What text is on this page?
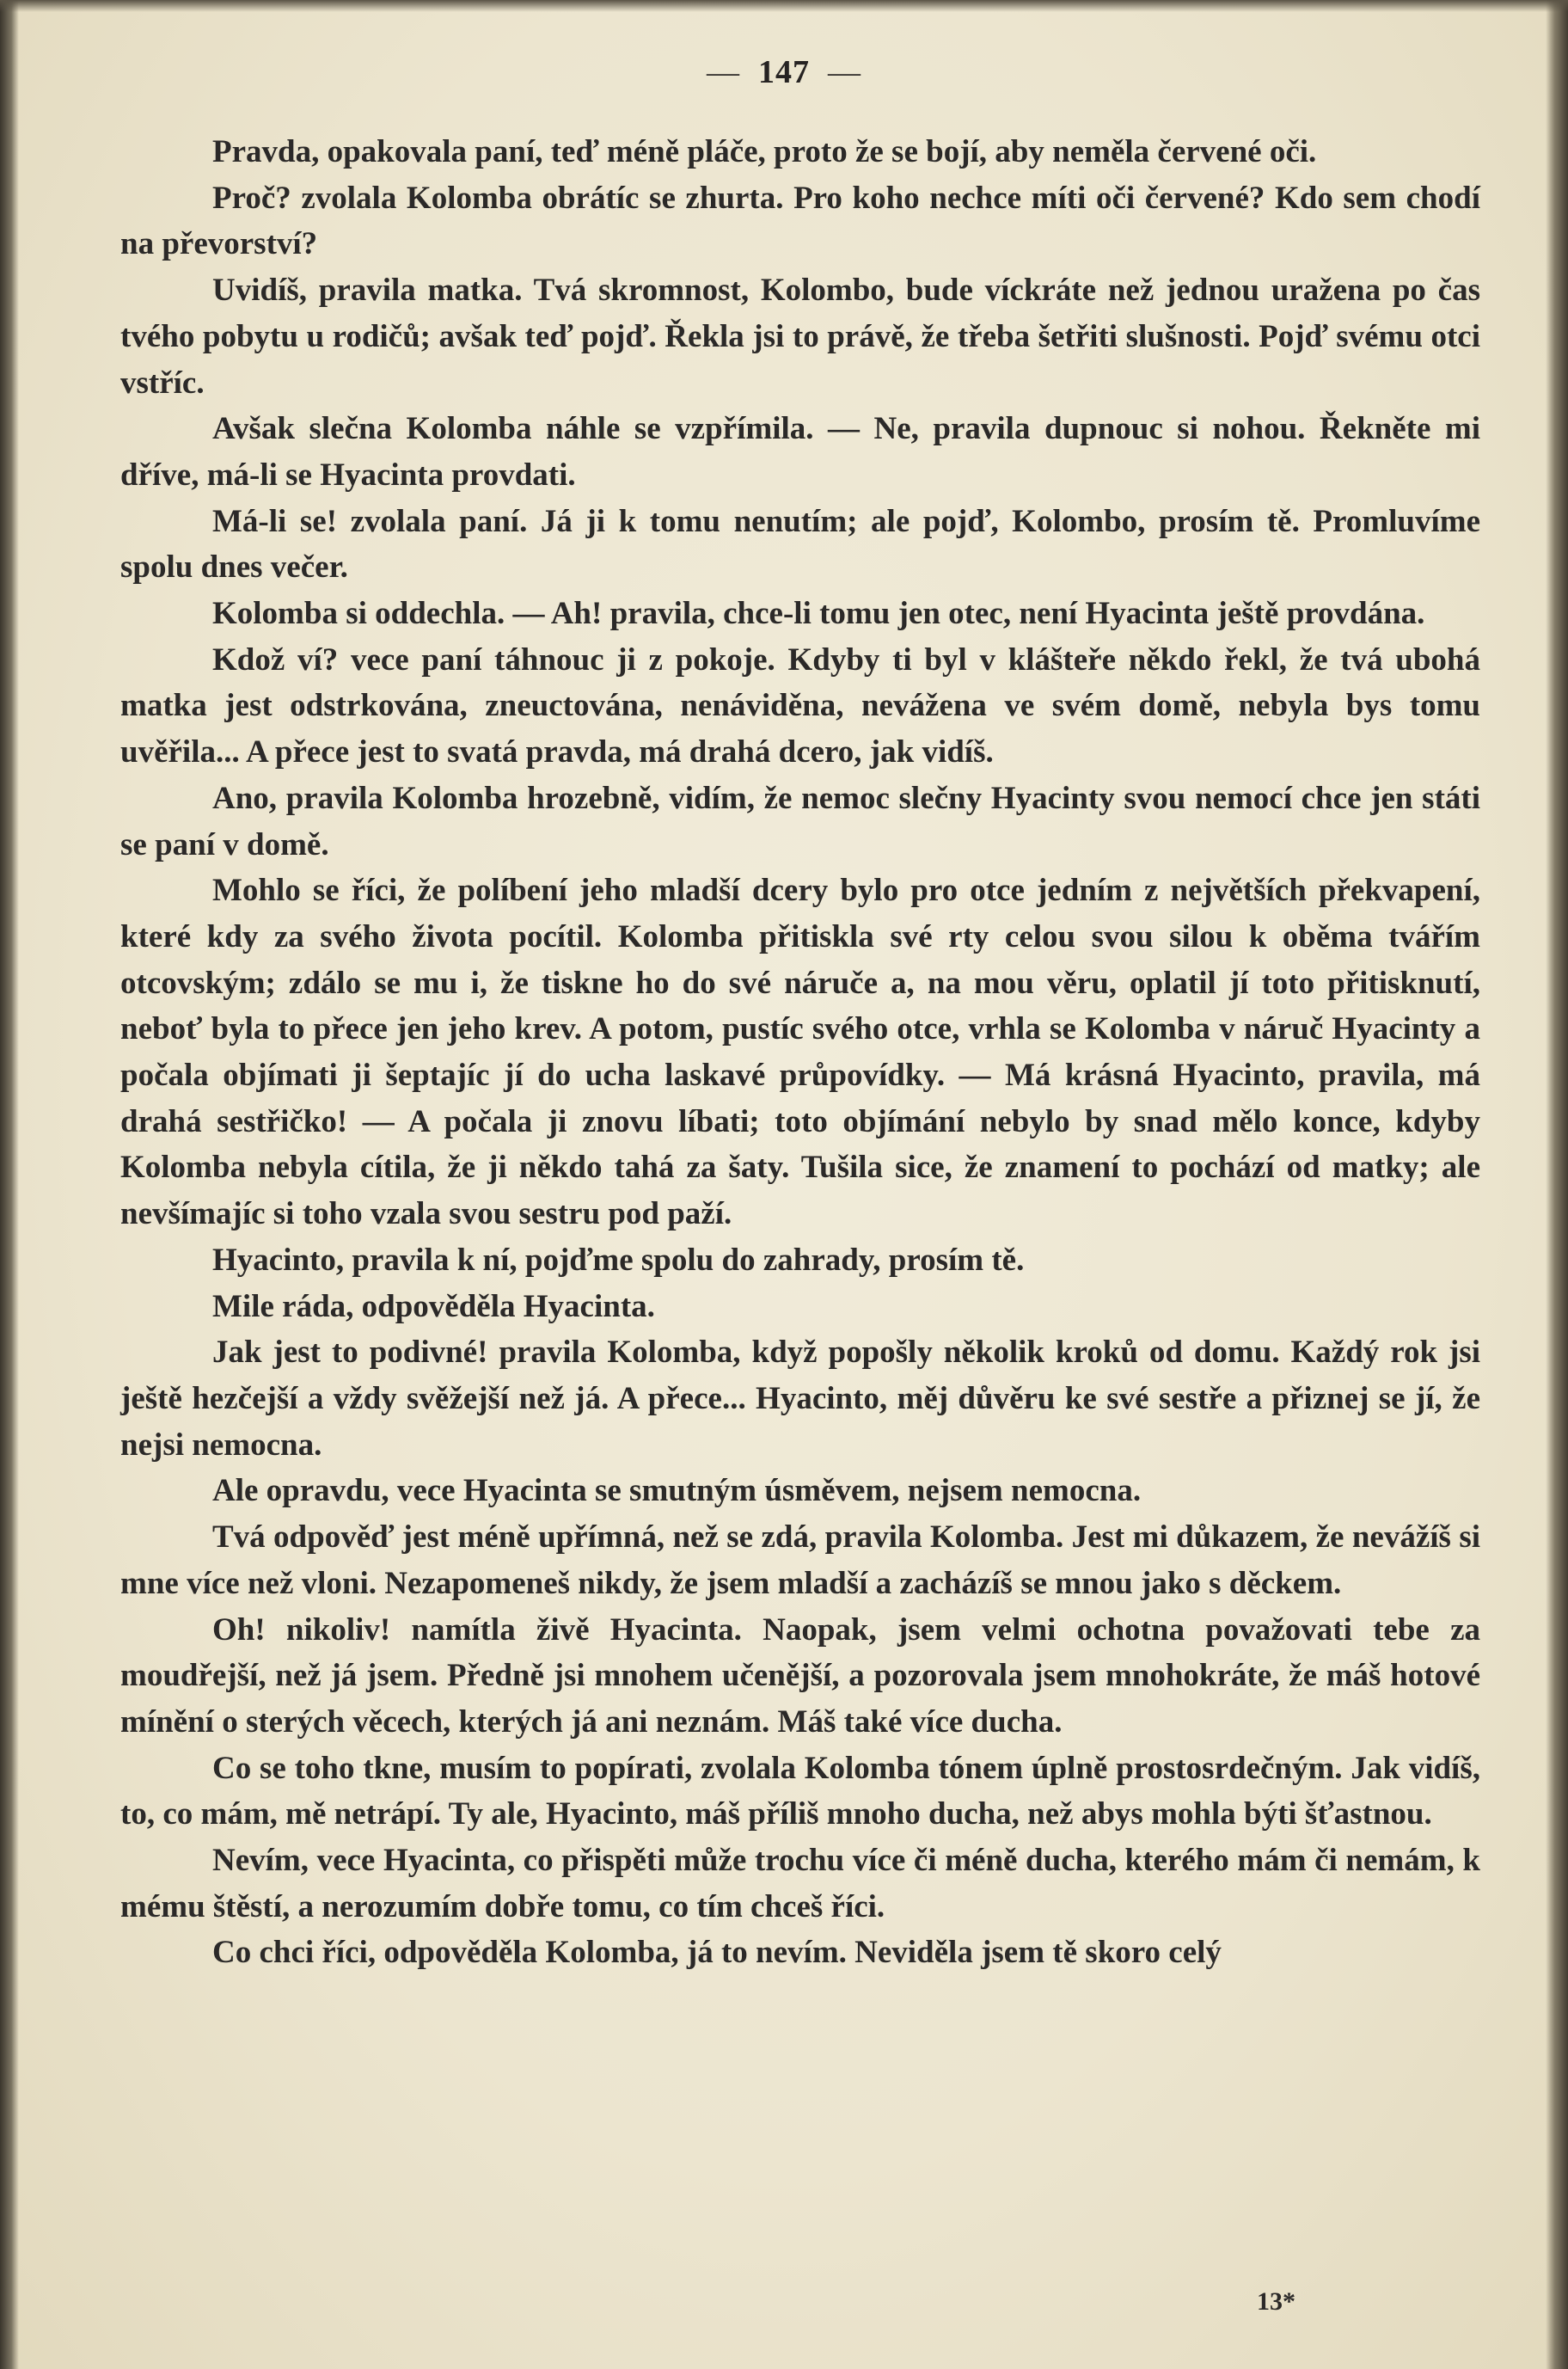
— 147 —

Pravda, opakovala paní, teď méně pláče, proto že se bojí, aby neměla červené oči.

Proč? zvolala Kolomba obrátíc se zhurta. Pro koho nechce míti oči červené? Kdo sem chodí na převorství?

Uvidíš, pravila matka. Tvá skromnost, Kolombo, bude víckráte než jednou uražena po čas tvého pobytu u rodičů; avšak teď pojď. Řekla jsi to právě, že třeba šetřiti slušnosti. Pojď svému otci vstříc.

Avšak slečna Kolomba náhle se vzpřímila. — Ne, pravila dupnouc si nohou. Řekněte mi dříve, má-li se Hyacinta provdati.

Má-li se! zvolala paní. Já ji k tomu nenutím; ale pojď, Kolombo, prosím tě. Promluvíme spolu dnes večer.

Kolomba si oddechla. — Ah! pravila, chce-li tomu jen otec, není Hyacinta ještě provdána.

Kdož ví? vece paní táhnouc ji z pokoje. Kdyby ti byl v klášteře někdo řekl, že tvá ubohá matka jest odstrkována, zneuctována, nenáviděna, nevážena ve svém domě, nebyla bys tomu uvěřila... A přece jest to svatá pravda, má drahá dcero, jak vidíš.

Ano, pravila Kolomba hrozebně, vidím, že nemoc slečny Hyacinty svou nemocí chce jen státi se paní v domě.

Mohlo se říci, že políbení jeho mladší dcery bylo pro otce jedním z největších překvapení, které kdy za svého života pocítil. Kolomba přitiskla své rty celou svou silou k oběma tvářím otcovským; zdálo se mu i, že tiskne ho do své náruče a, na mou věru, oplatil jí toto přitisknutí, neboť byla to přece jen jeho krev. A potom, pustíc svého otce, vrhla se Kolomba v náruč Hyacinty a počala objímati ji šeptajíc jí do ucha laskavé průpovídky. — Má krásná Hyacinto, pravila, má drahá sestřičko! — A počala ji znovu líbati; toto objímání nebylo by snad mělo konce, kdyby Kolomba nebyla cítila, že ji někdo tahá za šaty. Tušila sice, že znamení to pochází od matky; ale nevšímajíc si toho vzala svou sestru pod paží.

Hyacinto, pravila k ní, pojďme spolu do zahrady, prosím tě.

Mile ráda, odpověděla Hyacinta.

Jak jest to podivné! pravila Kolomba, když popošly několik kroků od domu. Každý rok jsi ještě hezčejší a vždy svěžejší než já. A přece... Hyacinto, měj důvěru ke své sestře a přiznej se jí, že nejsi nemocna.

Ale opravdu, vece Hyacinta se smutným úsměvem, nejsem nemocna.

Tvá odpověď jest méně upřímná, než se zdá, pravila Kolomba. Jest mi důkazem, že nevážíš si mne více než vloni. Nezapomeneš nikdy, že jsem mladší a zacházíš se mnou jako s děckem.

Oh! nikoliv! namítla živě Hyacinta. Naopak, jsem velmi ochotna považovati tebe za moudřejší, než já jsem. Předně jsi mnohem učenější, a pozorovala jsem mnohokráte, že máš hotové mínění o sterých věcech, kterých já ani neznám. Máš také více ducha.

Co se toho tkne, musím to popírati, zvolala Kolomba tónem úplně prostosrdečným. Jak vidíš, to, co mám, mě netrápí. Ty ale, Hyacinto, máš příliš mnoho ducha, než abys mohla býti šťastnou.

Nevím, vece Hyacinta, co přispěti může trochu více či méně ducha, kterého mám či nemám, k mému štěstí, a nerozumím dobře tomu, co tím chceš říci.

Co chci říci, odpověděla Kolomba, já to nevím. Neviděla jsem tě skoro celý

13*
